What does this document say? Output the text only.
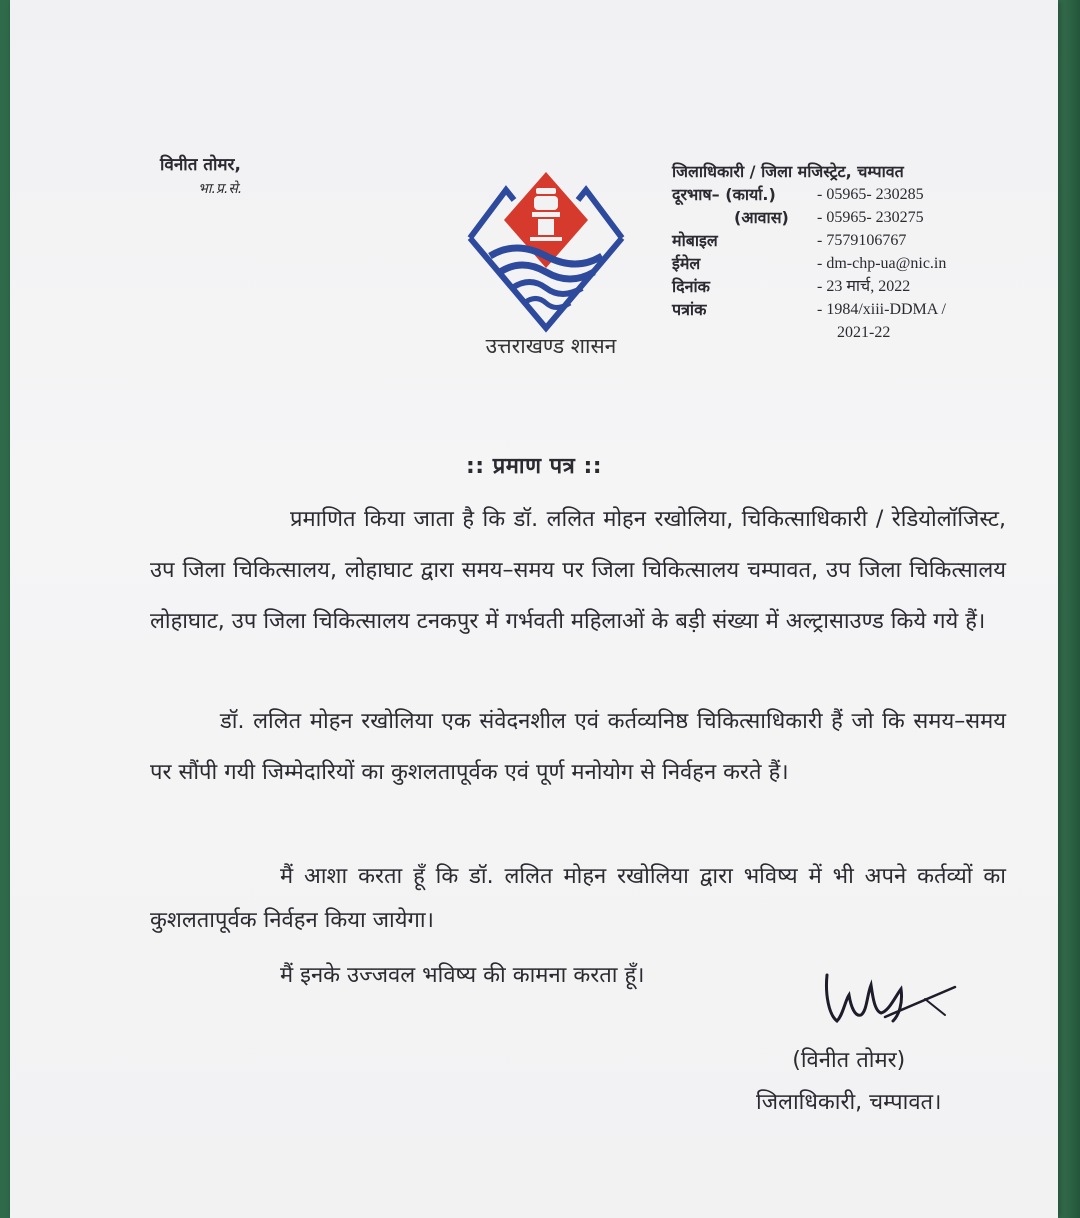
विनीत तोमर,
भा.प्र.से.
उत्तराखण्ड शासन
जिलाधिकारी / जिला मजिस्ट्रेट, चम्पावत
दूरभाष– (कार्या.)	- 05965- 230285
(आवास)	- 05965- 230275
मोबाइल	- 7579106767
ईमेल	- dm-chp-ua@nic.in
दिनांक	- 23 मार्च, 2022
पत्रांक	- 1984/xiii-DDMA /
2021-22
:: प्रमाण पत्र ::
प्रमाणित किया जाता है कि डॉ. ललित मोहन रखोलिया, चिकित्साधिकारी / रेडियोलॉजिस्ट, उप जिला चिकित्सालय, लोहाघाट द्वारा समय–समय पर जिला चिकित्सालय चम्पावत, उप जिला चिकित्सालय लोहाघाट, उप जिला चिकित्सालय टनकपुर में गर्भवती महिलाओं के बड़ी संख्या में अल्ट्रासाउण्ड किये गये हैं।
डॉ. ललित मोहन रखोलिया एक संवेदनशील एवं कर्तव्यनिष्ठ चिकित्साधिकारी हैं जो कि समय–समय पर सौंपी गयी जिम्मेदारियों का कुशलतापूर्वक एवं पूर्ण मनोयोग से निर्वहन करते हैं।
मैं आशा करता हूँ कि डॉ. ललित मोहन रखोलिया द्वारा भविष्य में भी अपने कर्तव्यों का कुशलतापूर्वक निर्वहन किया जायेगा।
मैं इनके उज्जवल भविष्य की कामना करता हूँ।
(विनीत तोमर)
जिलाधिकारी, चम्पावत।
